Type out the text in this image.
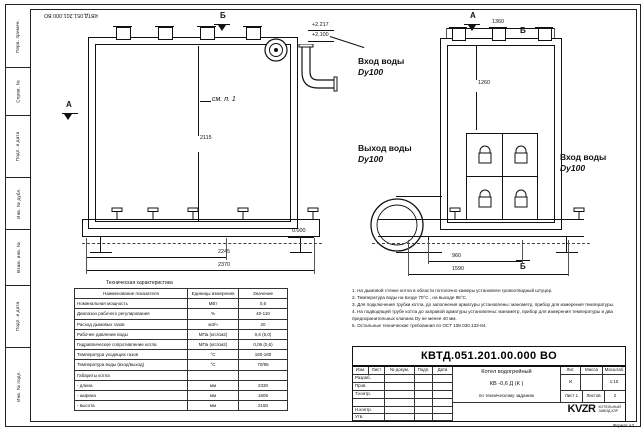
Перв. примен.
Справ. №
Подп. и дата
Инв. № дубл.
Взам. инв. №
Подп. и дата
Инв. № подл.
КВТД.051.201.000 ВО	Б
А
+2.217
+2.100
0.000
Вход воды
Dy100
Выход воды
Dy100
см. п. 1
2115
2245
2370
А
Б
Б
1360
1260
Вход воды
Dy100
960
1590
Техническая характеристика
Наименование показателя	Единицы измерения	Значение
Номинальная мощность	МВт	0,6
Диапазон рабочего регулирования	%	40-110
Расход дымовых газов	м3/ч	20
Рабочее давление воды	МПа (кгс/см2)	0,6 (6,0)
Гидравлическое сопротивление котла	МПа (кгс/см2)	0,06 (0,6)
Температура уходящих газов	°С	160-180
Температура воды (вход/выход)	°С	70/95
Габариты котла		
- длина	мм	2330
- ширина	мм	1605
- высота	мм	2150
1. На дымовой стенке котла в области потолочно камеры установлен гровоотводный штуцер.
2. Температура воды на входе 70°С , на выходе 95°С.
3. Для подключения трубки котла, до заполнения арматуры установлены: манометр, прибор для измерения температуры.
4. На подводящей трубе котла до заправой арматуры установлены: манометр, прибор для измерения температуры и два предохранительных клапана Dy не менее 40 мм.
5. Остальные технические требования по ОСТ 108.030.133-84.
КВТД.051.201.00.000 ВО
Изм.	Лист	№ докум.	Подп.	Дата
Разраб.
Пров.
Т.контр.
Н.контр.
Утв.
Котел водогрейный
КВ -0,6 Д (К )
по техническому заданию
Лит.	Масса	Масштаб
И	1:15
Лист 1	Листов	2
KVZR КОТЕЛЬНЫЙ
ЗАВОД КЗР
Формат А3
